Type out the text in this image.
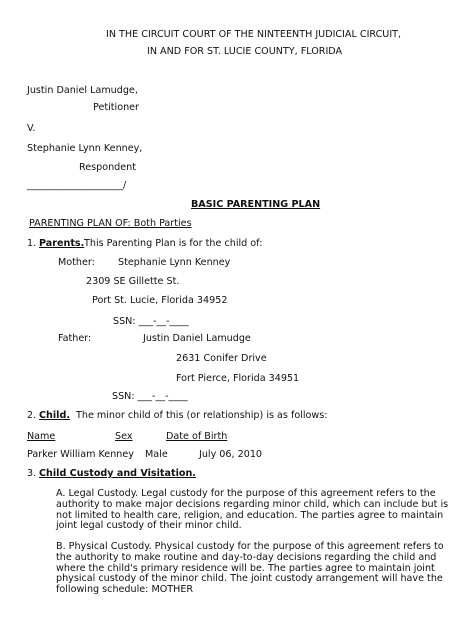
IN THE CIRCUIT COURT OF THE NINTEENTH JUDICIAL CIRCUIT,
IN AND FOR ST. LUCIE COUNTY, FLORIDA
Justin Daniel Lamudge,
Petitioner
V.
Stephanie Lynn Kenney,
Respondent
____________________/
BASIC PARENTING PLAN
PARENTING PLAN OF: Both Parties
1. Parents. This Parenting Plan is for the child of:
Mother: Stephanie Lynn Kenney
2309 SE Gillette St.
Port St. Lucie, Florida 34952
SSN: ___-__-____
Father:	Justin Daniel Lamudge
2631 Conifer Drive
Fort Pierce, Florida 34951
SSN: ___-__-____
2. Child. The minor child of this (or relationship) is as follows:
Name	Sex	Date of Birth
Parker William Kenney Male	July 06, 2010
3. Child Custody and Visitation.
A. Legal Custody. Legal custody for the purpose of this agreement refers to the authority to make major decisions regarding minor child, which can include but is not limited to health care, religion, and education. The parties agree to maintain joint legal custody of their minor child.
B. Physical Custody. Physical custody for the purpose of this agreement refers to the authority to make routine and day-to-day decisions regarding the child and where the child's primary residence will be. The parties agree to maintain joint physical custody of the minor child. The joint custody arrangement will have the following schedule: MOTHER
